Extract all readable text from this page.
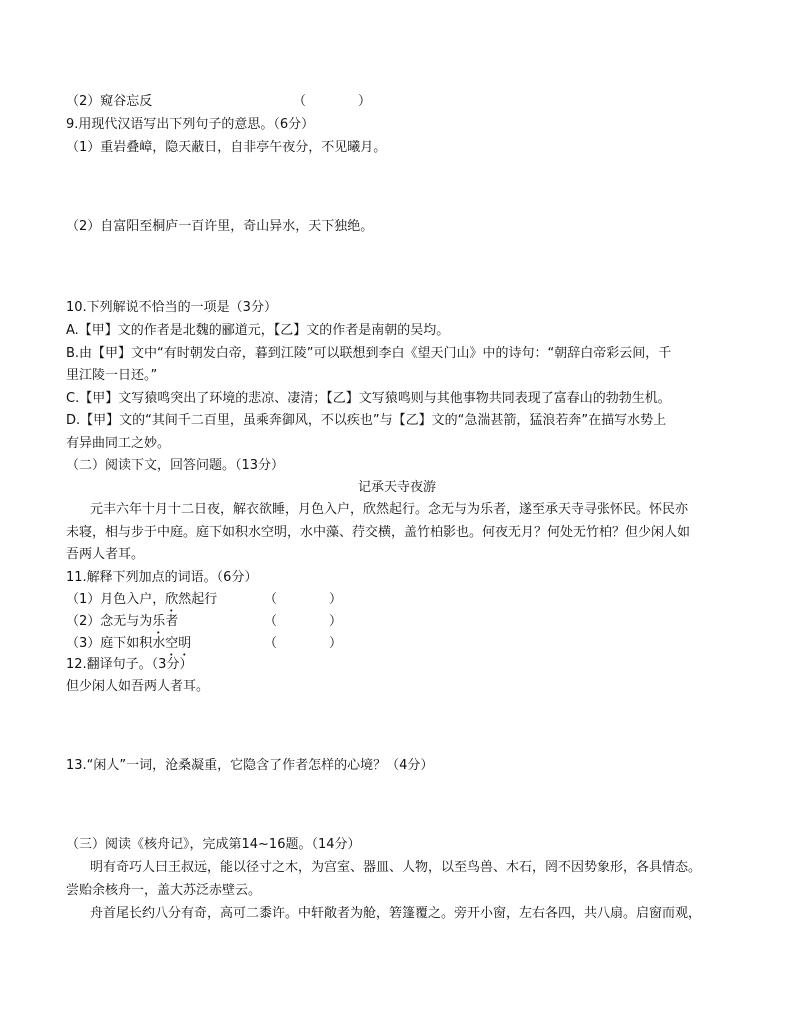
（2）窥谷忘反	（　　　　）
9.用现代汉语写出下列句子的意思。（6分）
（1）重岩叠嶂，隐天蔽日，自非亭午夜分，不见曦月。
（2）自富阳至桐庐一百许里，奇山异水，天下独绝。
10.下列解说不恰当的一项是（3分）
A.【甲】文的作者是北魏的郦道元，【乙】文的作者是南朝的吴均。
B.由【甲】文中“有时朝发白帝，暮到江陵”可以联想到李白《望天门山》中的诗句：“朝辞白帝彩云间，千
里江陵一日还。”
C.【甲】文写猿鸣突出了环境的悲凉、凄清；【乙】文写猿鸣则与其他事物共同表现了富春山的勃勃生机。
D.【甲】文的“其间千二百里，虽乘奔御风，不以疾也”与【乙】文的“急湍甚箭，猛浪若奔”在描写水势上
有异曲同工之妙。
（二）阅读下文，回答问题。（13分）
记承天寺夜游
元丰六年十月十二日夜，解衣欲睡，月色入户，欣然起行。念无与为乐者，遂至承天寺寻张怀民。怀民亦
未寝，相与步于中庭。庭下如积水空明，水中藻、荇交横，盖竹柏影也。何夜无月？何处无竹柏？但少闲人如
吾两人者耳。
11.解释下列加点的词语。（6分）
（1）月色入户，欣然起行	（　　　　）
（2）念无与为乐者	（　　　　）
（3）庭下如积水空明	（　　　　）
12.翻译句子。（3分）
但少闲人如吾两人者耳。
13.“闲人”一词，沧桑凝重，它隐含了作者怎样的心境？（4分）
（三）阅读《核舟记》，完成第14~16题。（14分）
明有奇巧人曰王叔远，能以径寸之木，为宫室、器皿、人物，以至鸟兽、木石，罔不因势象形，各具情态。
尝贻余核舟一，盖大苏泛赤壁云。
舟首尾长约八分有奇，高可二黍许。中轩敞者为舱，箬篷覆之。旁开小窗，左右各四，共八扇。启窗而观，
